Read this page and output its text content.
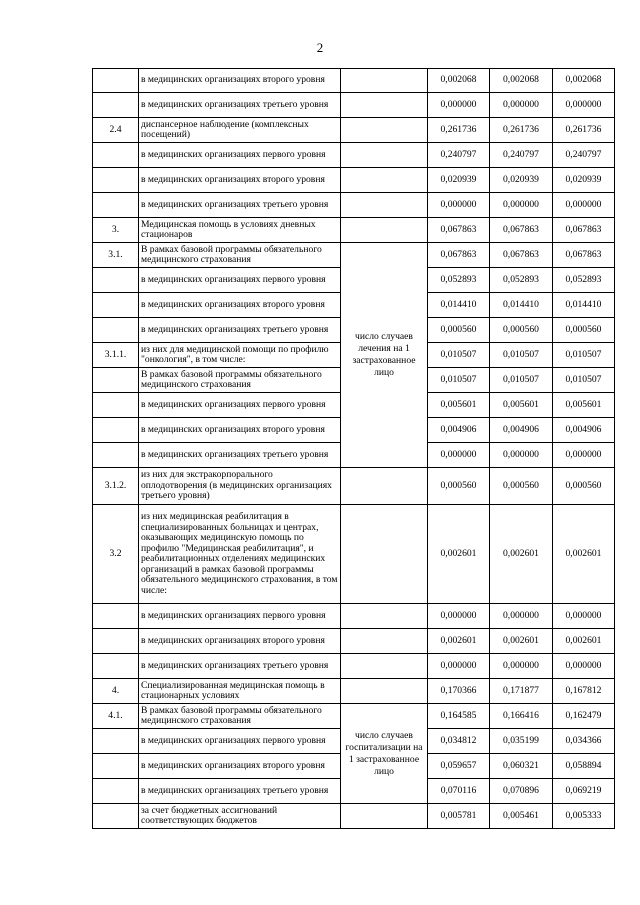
2
	в медицинских организациях второго уровня		0,002068	0,002068	0,002068
	в медицинских организациях третьего уровня		0,000000	0,000000	0,000000
2.4	диспансерное наблюдение (комплексных посещений)		0,261736	0,261736	0,261736
	в медицинских организациях первого уровня		0,240797	0,240797	0,240797
	в медицинских организациях второго уровня		0,020939	0,020939	0,020939
	в медицинских организациях третьего уровня		0,000000	0,000000	0,000000
3.	Медицинская помощь в условиях дневных стационаров		0,067863	0,067863	0,067863
3.1.	В рамках базовой программы обязательного медицинского страхования	число случаев лечения на 1 застрахованное лицо	0,067863	0,067863	0,067863
	в медицинских организациях первого уровня		0,052893	0,052893	0,052893
	в медицинских организациях второго уровня		0,014410	0,014410	0,014410
	в медицинских организациях третьего уровня		0,000560	0,000560	0,000560
3.1.1.	из них для медицинской помощи по профилю "онкология", в том числе:		0,010507	0,010507	0,010507
	В рамках базовой программы обязательного медицинского страхования		0,010507	0,010507	0,010507
	в медицинских организациях первого уровня		0,005601	0,005601	0,005601
	в медицинских организациях второго уровня		0,004906	0,004906	0,004906
	в медицинских организациях третьего уровня		0,000000	0,000000	0,000000
3.1.2.	из них для экстракорпорального оплодотворения (в медицинских организациях третьего уровня)		0,000560	0,000560	0,000560
3.2	из них медицинская реабилитация в специализированных больницах и центрах, оказывающих медицинскую помощь по профилю "Медицинская реабилитация", и реабилитационных отделениях медицинских организаций в рамках базовой программы обязательного медицинского страхования, в том числе:		0,002601	0,002601	0,002601
	в медицинских организациях первого уровня		0,000000	0,000000	0,000000
	в медицинских организациях второго уровня		0,002601	0,002601	0,002601
	в медицинских организациях третьего уровня		0,000000	0,000000	0,000000
4.	Специализированная медицинская помощь в стационарных условиях		0,170366	0,171877	0,167812
4.1.	В рамках базовой программы обязательного медицинского страхования	число случаев госпитализации на 1 застрахованное лицо	0,164585	0,166416	0,162479
	в медицинских организациях первого уровня		0,034812	0,035199	0,034366
	в медицинских организациях второго уровня		0,059657	0,060321	0,058894
	в медицинских организациях третьего уровня		0,070116	0,070896	0,069219
	за счет бюджетных ассигнований соответствующих бюджетов		0,005781	0,005461	0,005333
